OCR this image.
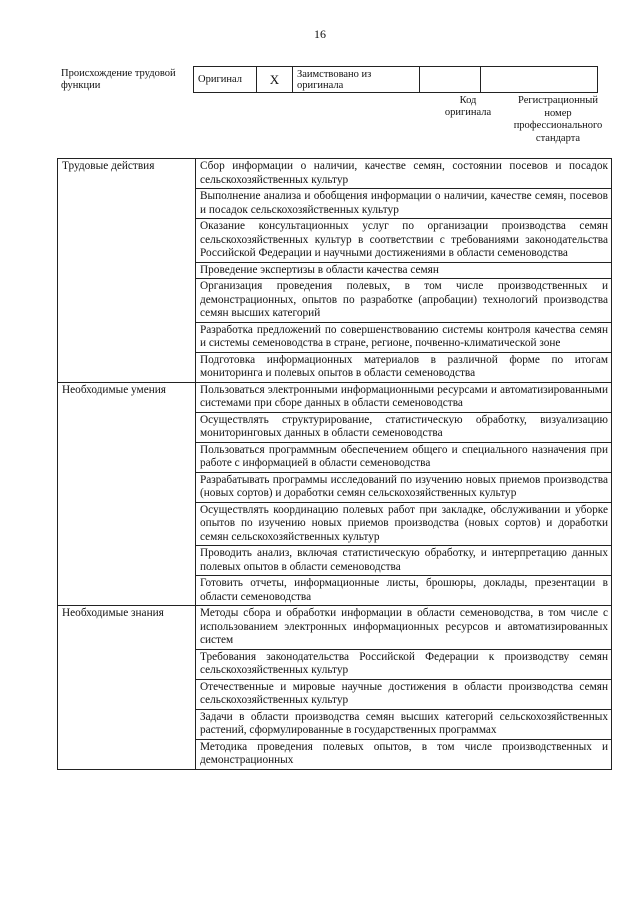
16
Происхождение трудовой функции
Оригинал	X	Заимствовано из оригинала		
Код оригинала
Регистрационный номер профессионального стандарта
Трудовые действия	Сбор информации о наличии, качестве семян, состоянии посевов и посадок сельскохозяйственных культур
	Выполнение анализа и обобщения информации о наличии, качестве семян, посевов и посадок сельскохозяйственных культур
	Оказание консультационных услуг по организации производства семян сельскохозяйственных культур в соответствии с требованиями законодательства Российской Федерации и научными достижениями в области семеноводства
	Проведение экспертизы в области качества семян
	Организация проведения полевых, в том числе производственных и демонстрационных, опытов по разработке (апробации) технологий производства семян высших категорий
	Разработка предложений по совершенствованию системы контроля качества семян и системы семеноводства в стране, регионе, почвенно-климатической зоне
	Подготовка информационных материалов в различной форме по итогам мониторинга и полевых опытов в области семеноводства
Необходимые умения	Пользоваться электронными информационными ресурсами и автоматизированными системами при сборе данных в области семеноводства
	Осуществлять структурирование, статистическую обработку, визуализацию мониторинговых данных в области семеноводства
	Пользоваться программным обеспечением общего и специального назначения при работе с информацией в области семеноводства
	Разрабатывать программы исследований по изучению новых приемов производства (новых сортов) и доработки семян сельскохозяйственных культур
	Осуществлять координацию полевых работ при закладке, обслуживании и уборке опытов по изучению новых приемов производства (новых сортов) и доработки семян сельскохозяйственных культур
	Проводить анализ, включая статистическую обработку, и интерпретацию данных полевых опытов в области семеноводства
	Готовить отчеты, информационные листы, брошюры, доклады, презентации в области семеноводства
Необходимые знания	Методы сбора и обработки информации в области семеноводства, в том числе с использованием электронных информационных ресурсов и автоматизированных систем
	Требования законодательства Российской Федерации к производству семян сельскохозяйственных культур
	Отечественные и мировые научные достижения в области производства семян сельскохозяйственных культур
	Задачи в области производства семян высших категорий сельскохозяйственных растений, сформулированные в государственных программах
	Методика проведения полевых опытов, в том числе производственных и демонстрационных
